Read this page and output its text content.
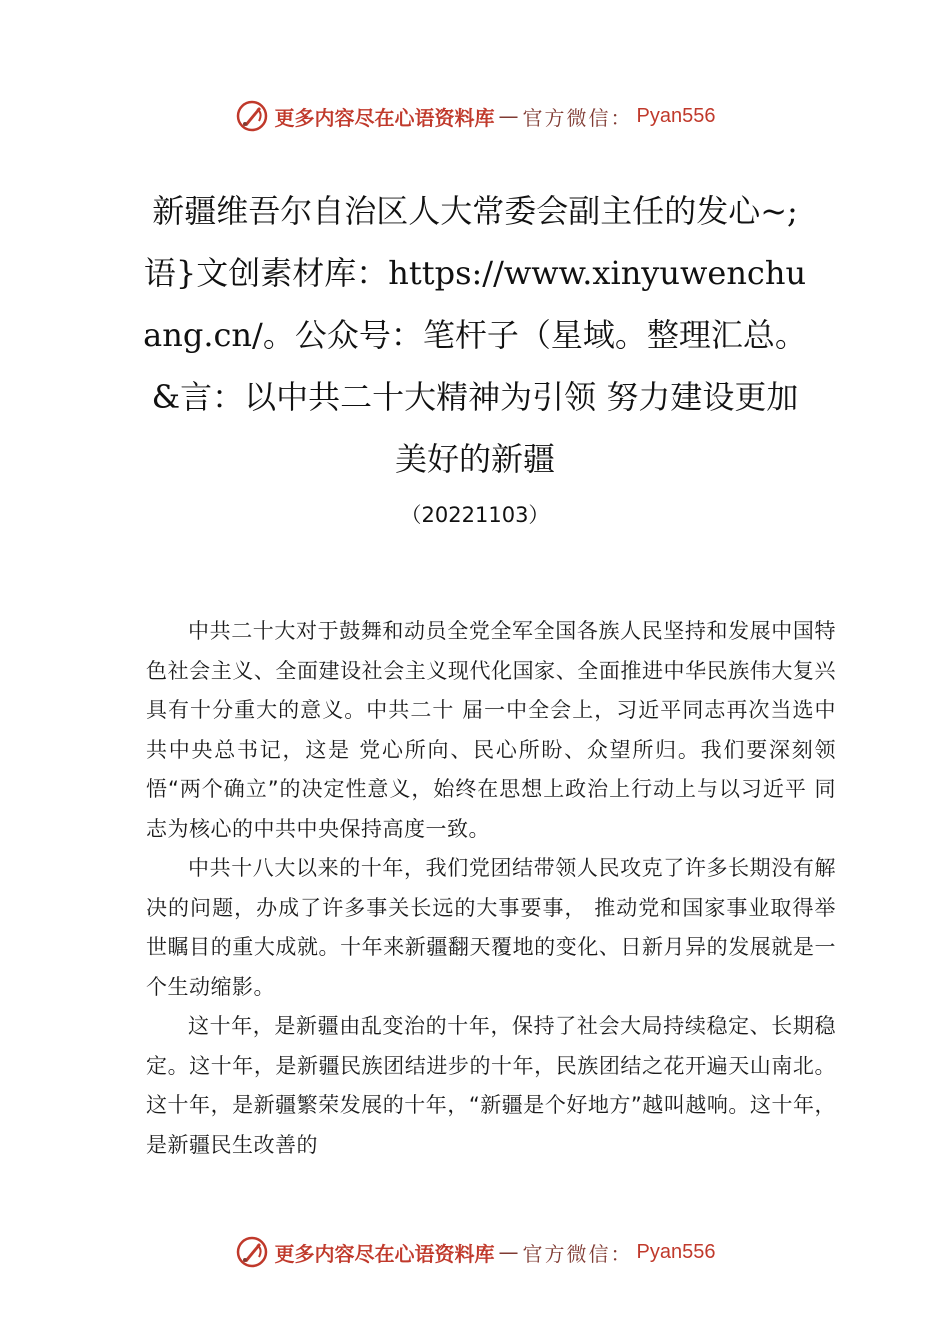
更多内容尽在心语资料库 — 官方微信： Pyan556
新疆维吾尔自治区人大常委会副主任的发心~;语}文创素材库：https://www.xinyuwenchuang.cn/。公众号：笔杆子（星域。整理汇总。&言：以中共二十大精神为引领 努力建设更加美好的新疆
（20221103）

中共二十大对于鼓舞和动员全党全军全国各族人民坚持和发展中国特色社会主义、全面建设社会主义现代化国家、全面推进中华民族伟大复兴具有十分重大的意义。中共二十 届一中全会上，习近平同志再次当选中共中央总书记，这是 党心所向、民心所盼、众望所归。我们要深刻领悟“两个确立”的决定性意义，始终在思想上政治上行动上与以习近平 同志为核心的中共中央保持高度一致。

中共十八大以来的十年，我们党团结带领人民攻克了许多长期没有解决的问题，办成了许多事关长远的大事要事， 推动党和国家事业取得举世瞩目的重大成就。十年来新疆翻天覆地的变化、日新月异的发展就是一个生动缩影。

这十年，是新疆由乱变治的十年，保持了社会大局持续稳定、长期稳定。这十年，是新疆民族团结进步的十年，民族团结之花开遍天山南北。这十年，是新疆繁荣发展的十年，“新疆是个好地方”越叫越响。这十年，是新疆民生改善的

更多内容尽在心语资料库 — 官方微信： Pyan556
